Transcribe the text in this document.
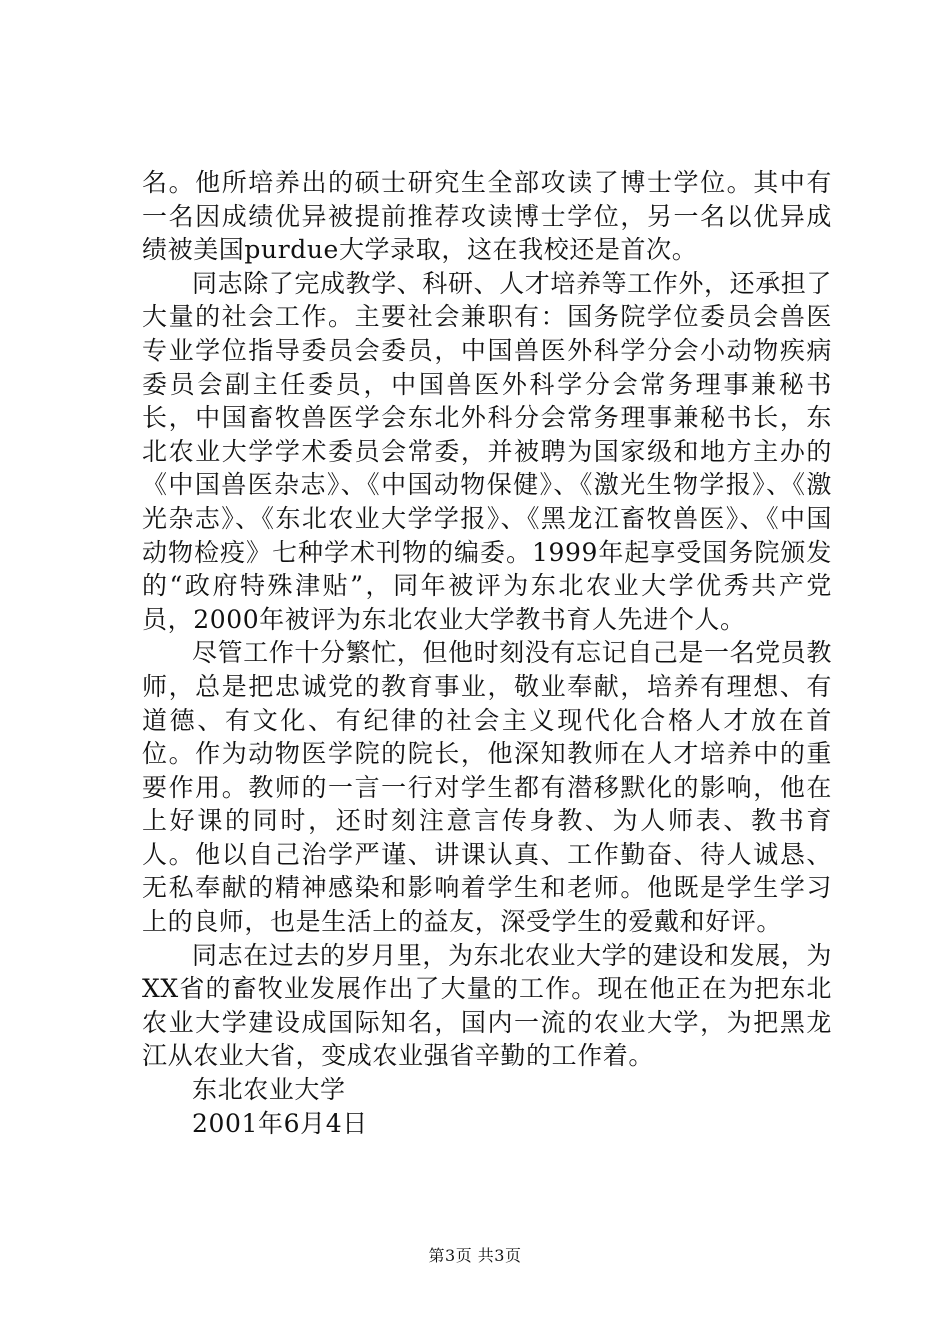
名。他所培养出的硕士研究生全部攻读了博士学位。其中有一名因成绩优异被提前推荐攻读博士学位，另一名以优异成绩被美国purdue大学录取，这在我校还是首次。

同志除了完成教学、科研、人才培养等工作外，还承担了大量的社会工作。主要社会兼职有：国务院学位委员会兽医专业学位指导委员会委员，中国兽医外科学分会小动物疾病委员会副主任委员，中国兽医外科学分会常务理事兼秘书长，中国畜牧兽医学会东北外科分会常务理事兼秘书长，东北农业大学学术委员会常委，并被聘为国家级和地方主办的《中国兽医杂志》、《中国动物保健》、《激光生物学报》、《激光杂志》、《东北农业大学学报》、《黑龙江畜牧兽医》、《中国动物检疫》七种学术刊物的编委。1999年起享受国务院颁发的“政府特殊津贴”，同年被评为东北农业大学优秀共产党员，2000年被评为东北农业大学教书育人先进个人。

尽管工作十分繁忙，但他时刻没有忘记自己是一名党员教师，总是把忠诚党的教育事业，敬业奉献，培养有理想、有道德、有文化、有纪律的社会主义现代化合格人才放在首位。作为动物医学院的院长，他深知教师在人才培养中的重要作用。教师的一言一行对学生都有潜移默化的影响，他在上好课的同时，还时刻注意言传身教、为人师表、教书育人。他以自己治学严谨、讲课认真、工作勤奋、待人诚恳、无私奉献的精神感染和影响着学生和老师。他既是学生学习上的良师，也是生活上的益友，深受学生的爱戴和好评。

同志在过去的岁月里，为东北农业大学的建设和发展，为XX省的畜牧业发展作出了大量的工作。现在他正在为把东北农业大学建设成国际知名，国内一流的农业大学，为把黑龙江从农业大省，变成农业强省辛勤的工作着。

东北农业大学

2001年6月4日

第3页 共3页
